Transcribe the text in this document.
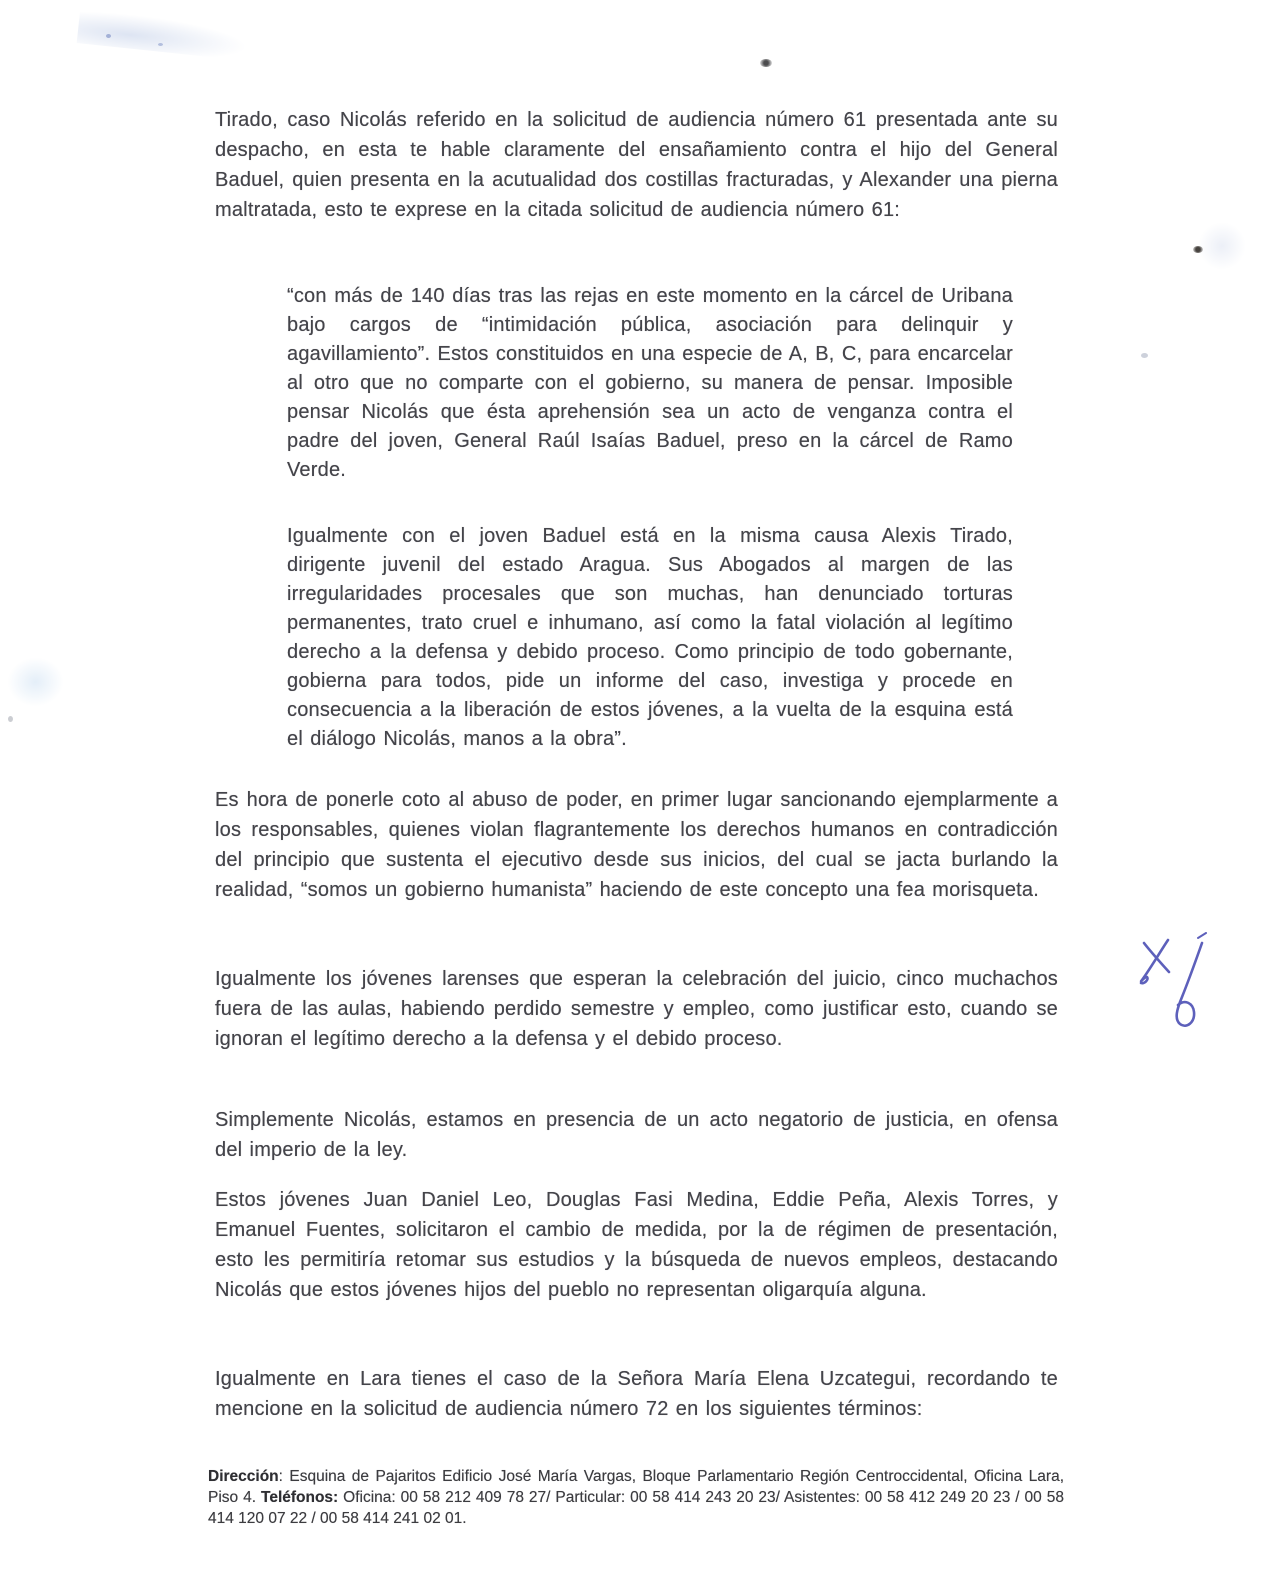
Tirado, caso Nicolás referido en la solicitud de audiencia número 61 presentada ante su despacho, en esta te hable claramente del ensañamiento contra el hijo del General Baduel, quien presenta en la acutualidad dos costillas fracturadas, y Alexander una pierna maltratada, esto te exprese en la citada solicitud de audiencia número 61:

“con más de 140 días tras las rejas en este momento en la cárcel de Uribana bajo cargos de “intimidación pública, asociación para delinquir y agavillamiento”. Estos constituidos en una especie de A, B, C, para encarcelar al otro que no comparte con el gobierno, su manera de pensar. Imposible pensar Nicolás que ésta aprehensión sea un acto de venganza contra el padre del joven, General Raúl Isaías Baduel, preso en la cárcel de Ramo Verde.

Igualmente con el joven Baduel está en la misma causa Alexis Tirado, dirigente juvenil del estado Aragua. Sus Abogados al margen de las irregularidades procesales que son muchas, han denunciado torturas permanentes, trato cruel e inhumano, así como la fatal violación al legítimo derecho a la defensa y debido proceso. Como principio de todo gobernante, gobierna para todos, pide un informe del caso, investiga y procede en consecuencia a la liberación de estos jóvenes, a la vuelta de la esquina está el diálogo Nicolás, manos a la obra”.

Es hora de ponerle coto al abuso de poder, en primer lugar sancionando ejemplarmente a los responsables, quienes violan flagrantemente los derechos humanos en contradicción del principio que sustenta el ejecutivo desde sus inicios, del cual se jacta burlando la realidad, “somos un gobierno humanista” haciendo de este concepto una fea morisqueta.

Igualmente los jóvenes larenses que esperan la celebración del juicio, cinco muchachos fuera de las aulas, habiendo perdido semestre y empleo, como justificar esto, cuando se ignoran el legítimo derecho a la defensa y el debido proceso.

Simplemente Nicolás, estamos en presencia de un acto negatorio de justicia, en ofensa del imperio de la ley.

Estos jóvenes Juan Daniel Leo, Douglas Fasi Medina, Eddie Peña, Alexis Torres, y Emanuel Fuentes, solicitaron el cambio de medida, por la de régimen de presentación, esto les permitiría retomar sus estudios y la búsqueda de nuevos empleos, destacando Nicolás que estos jóvenes hijos del pueblo no representan oligarquía alguna.

Igualmente en Lara tienes el caso de la Señora María Elena Uzcategui, recordando te mencione en la solicitud de audiencia número 72 en los siguientes términos:

Dirección: Esquina de Pajaritos Edificio José María Vargas, Bloque Parlamentario Región Centroccidental, Oficina Lara, Piso 4. Teléfonos: Oficina: 00 58 212 409 78 27/ Particular: 00 58 414 243 20 23/ Asistentes: 00 58 412 249 20 23 / 00 58 414 120 07 22 / 00 58 414 241 02 01.
